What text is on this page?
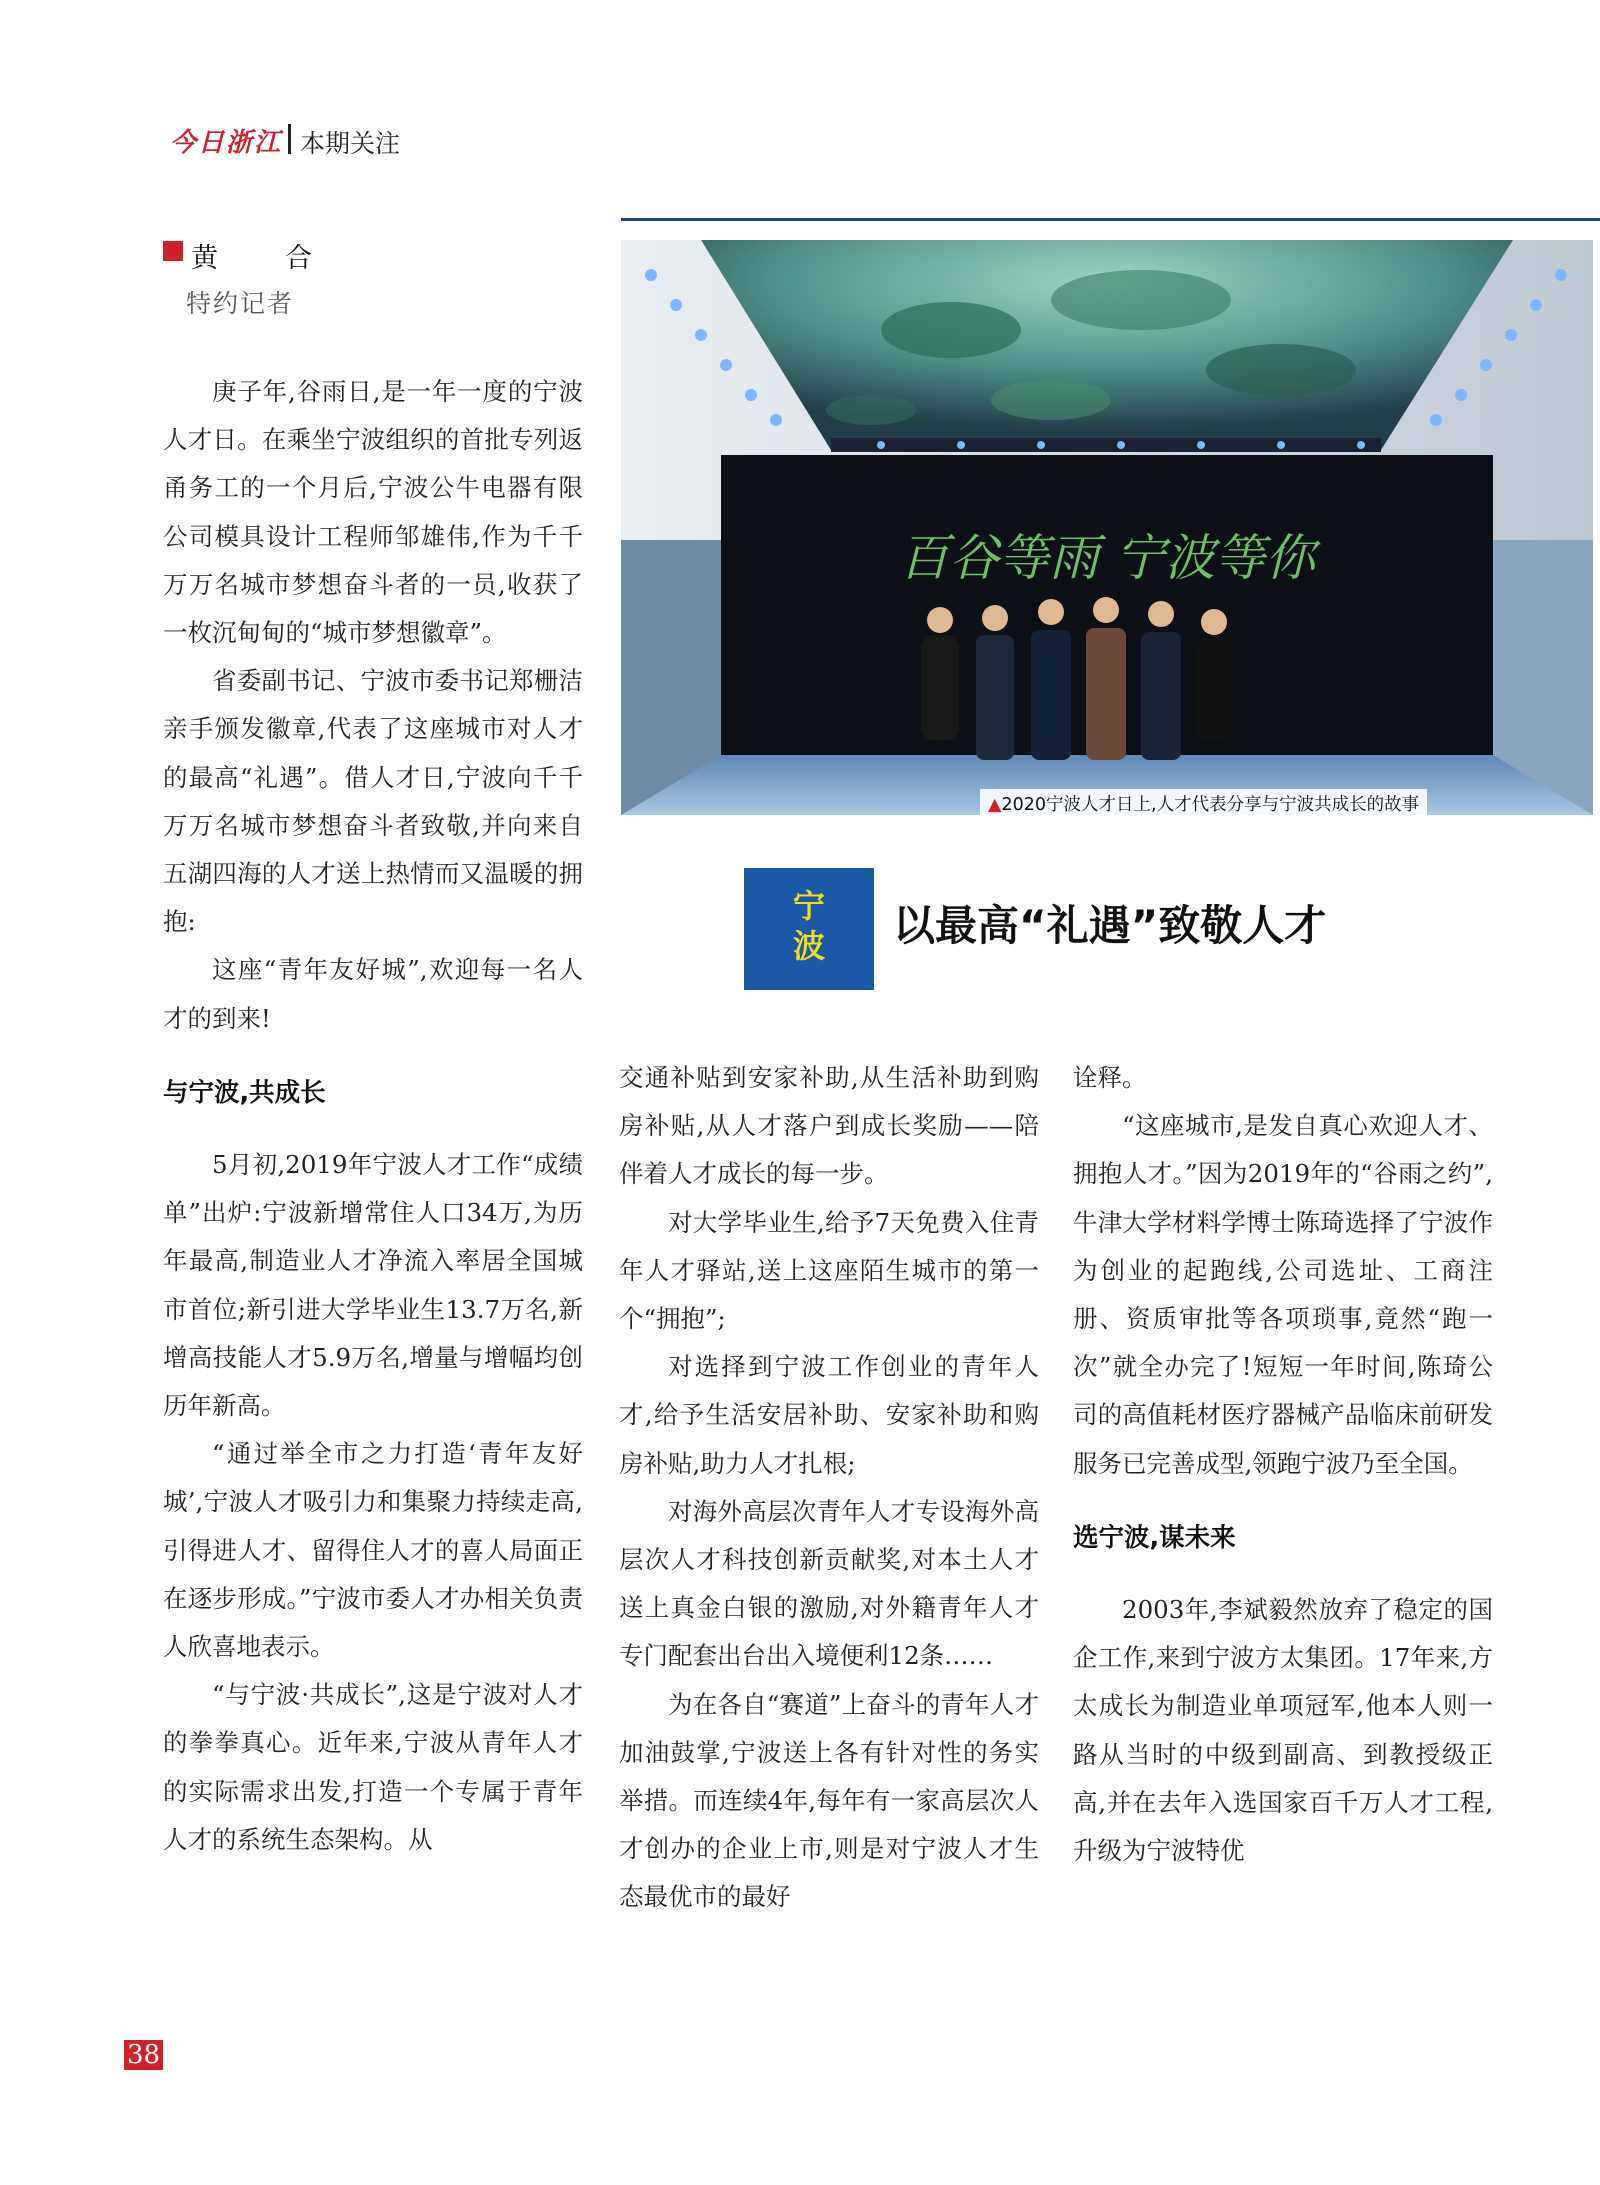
今日浙江 本期关注
黄　合
特约记者
百谷等雨 宁波等你
▲2020宁波人才日上,人才代表分享与宁波共成长的故事
宁
波	以最高“礼遇”致敬人才

庚子年,谷雨日,是一年一度的宁波人才日。在乘坐宁波组织的首批专列返甬务工的一个月后,宁波公牛电器有限公司模具设计工程师邹雄伟,作为千千万万名城市梦想奋斗者的一员,收获了一枚沉甸甸的“城市梦想徽章”。

省委副书记、宁波市委书记郑栅洁亲手颁发徽章,代表了这座城市对人才的最高“礼遇”。借人才日,宁波向千千万万名城市梦想奋斗者致敬,并向来自五湖四海的人才送上热情而又温暖的拥抱:

这座“青年友好城”,欢迎每一名人才的到来!

与宁波,共成长

5月初,2019年宁波人才工作“成绩单”出炉:宁波新增常住人口34万,为历年最高,制造业人才净流入率居全国城市首位;新引进大学毕业生13.7万名,新增高技能人才5.9万名,增量与增幅均创历年新高。

“通过举全市之力打造‘青年友好城’,宁波人才吸引力和集聚力持续走高,引得进人才、留得住人才的喜人局面正在逐步形成。”宁波市委人才办相关负责人欣喜地表示。

“与宁波·共成长”,这是宁波对人才的拳拳真心。近年来,宁波从青年人才的实际需求出发,打造一个专属于青年人才的系统生态架构。从

交通补贴到安家补助,从生活补助到购房补贴,从人才落户到成长奖励——陪伴着人才成长的每一步。

对大学毕业生,给予7天免费入住青年人才驿站,送上这座陌生城市的第一个“拥抱”;

对选择到宁波工作创业的青年人才,给予生活安居补助、安家补助和购房补贴,助力人才扎根;

对海外高层次青年人才专设海外高层次人才科技创新贡献奖,对本土人才送上真金白银的激励,对外籍青年人才专门配套出台出入境便利12条……

为在各自“赛道”上奋斗的青年人才加油鼓掌,宁波送上各有针对性的务实举措。而连续4年,每年有一家高层次人才创办的企业上市,则是对宁波人才生态最优市的最好

诠释。

“这座城市,是发自真心欢迎人才、拥抱人才。”因为2019年的“谷雨之约”,牛津大学材料学博士陈琦选择了宁波作为创业的起跑线,公司选址、工商注册、资质审批等各项琐事,竟然“跑一次”就全办完了!短短一年时间,陈琦公司的高值耗材医疗器械产品临床前研发服务已完善成型,领跑宁波乃至全国。

选宁波,谋未来

2003年,李斌毅然放弃了稳定的国企工作,来到宁波方太集团。17年来,方太成长为制造业单项冠军,他本人则一路从当时的中级到副高、到教授级正高,并在去年入选国家百千万人才工程,升级为宁波特优

38
